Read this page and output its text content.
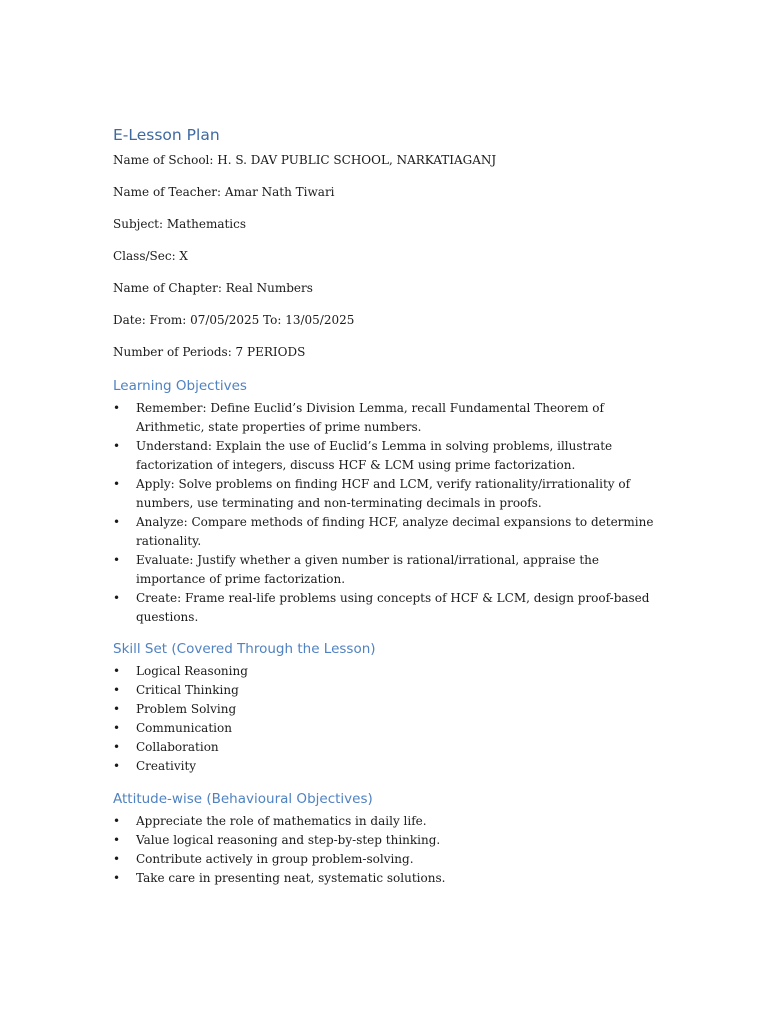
E-Lesson Plan

Name of School: H. S. DAV PUBLIC SCHOOL, NARKATIAGANJ

Name of Teacher: Amar Nath Tiwari

Subject: Mathematics

Class/Sec: X

Name of Chapter: Real Numbers

Date: From: 07/05/2025 To: 13/05/2025

Number of Periods: 7 PERIODS

Learning Objectives
• Remember: Define Euclid’s Division Lemma, recall Fundamental Theorem of Arithmetic, state properties of prime numbers.
• Understand: Explain the use of Euclid’s Lemma in solving problems, illustrate factorization of integers, discuss HCF & LCM using prime factorization.
• Apply: Solve problems on finding HCF and LCM, verify rationality/irrationality of numbers, use terminating and non-terminating decimals in proofs.
• Analyze: Compare methods of finding HCF, analyze decimal expansions to determine rationality.
• Evaluate: Justify whether a given number is rational/irrational, appraise the importance of prime factorization.
• Create: Frame real-life problems using concepts of HCF & LCM, design proof-based questions.
Skill Set (Covered Through the Lesson)
• Logical Reasoning
• Critical Thinking
• Problem Solving
• Communication
• Collaboration
• Creativity
Attitude-wise (Behavioural Objectives)
• Appreciate the role of mathematics in daily life.
• Value logical reasoning and step-by-step thinking.
• Contribute actively in group problem-solving.
• Take care in presenting neat, systematic solutions.
